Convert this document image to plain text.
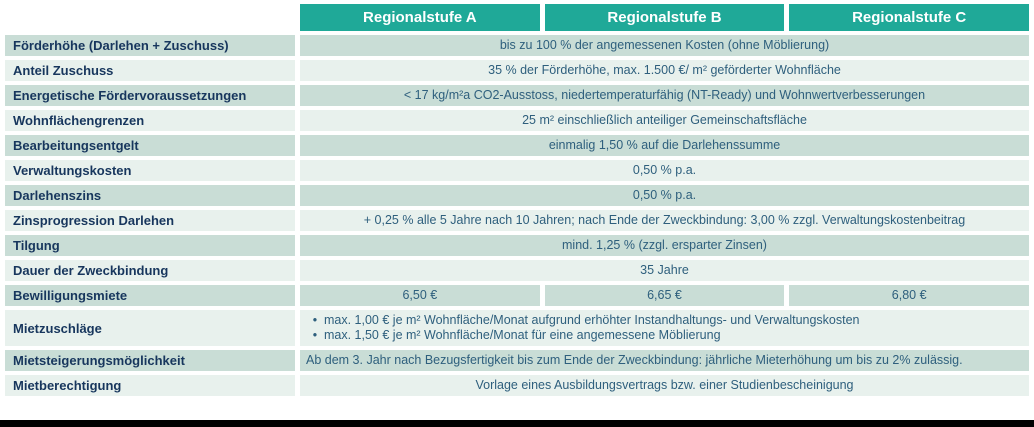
	Regionalstufe A	Regionalstufe B	Regionalstufe C
Förderhöhe (Darlehen + Zuschuss)	bis zu 100 % der angemessenen Kosten (ohne Möblierung)		
Anteil Zuschuss	35 % der Förderhöhe, max. 1.500 €/ m² geförderter Wohnfläche		
Energetische Fördervoraussetzungen	< 17 kg/m²a CO2-Ausstoss, niedertemperaturfähig (NT-Ready) und Wohnwertverbesserungen		
Wohnflächengrenzen	25 m² einschließlich anteiliger Gemeinschaftsfläche		
Bearbeitungsentgelt	einmalig 1,50 % auf die Darlehenssumme		
Verwaltungskosten	0,50 % p.a.		
Darlehenszins	0,50 % p.a.		
Zinsprogression Darlehen	+ 0,25 % alle 5 Jahre nach 10 Jahren; nach Ende der Zweckbindung: 3,00 % zzgl. Verwaltungskostenbeitrag		
Tilgung	mind. 1,25 % (zzgl. ersparter Zinsen)		
Dauer der Zweckbindung	35 Jahre		
Bewilligungsmiete	6,50 €	6,65 €	6,80 €
Mietzuschläge	• max. 1,00 € je m² Wohnfläche/Monat aufgrund erhöhter Instandhaltungs- und Verwaltungskosten
• max. 1,50 € je m² Wohnfläche/Monat für eine angemessene Möblierung		

Mietsteigerungsmöglichkeit	Ab dem 3. Jahr nach Bezugsfertigkeit bis zum Ende der Zweckbindung: jährliche Mieterhöhung um bis zu 2% zulässig.		
Mietberechtigung	Vorlage eines Ausbildungsvertrags bzw. einer Studienbescheinigung		
